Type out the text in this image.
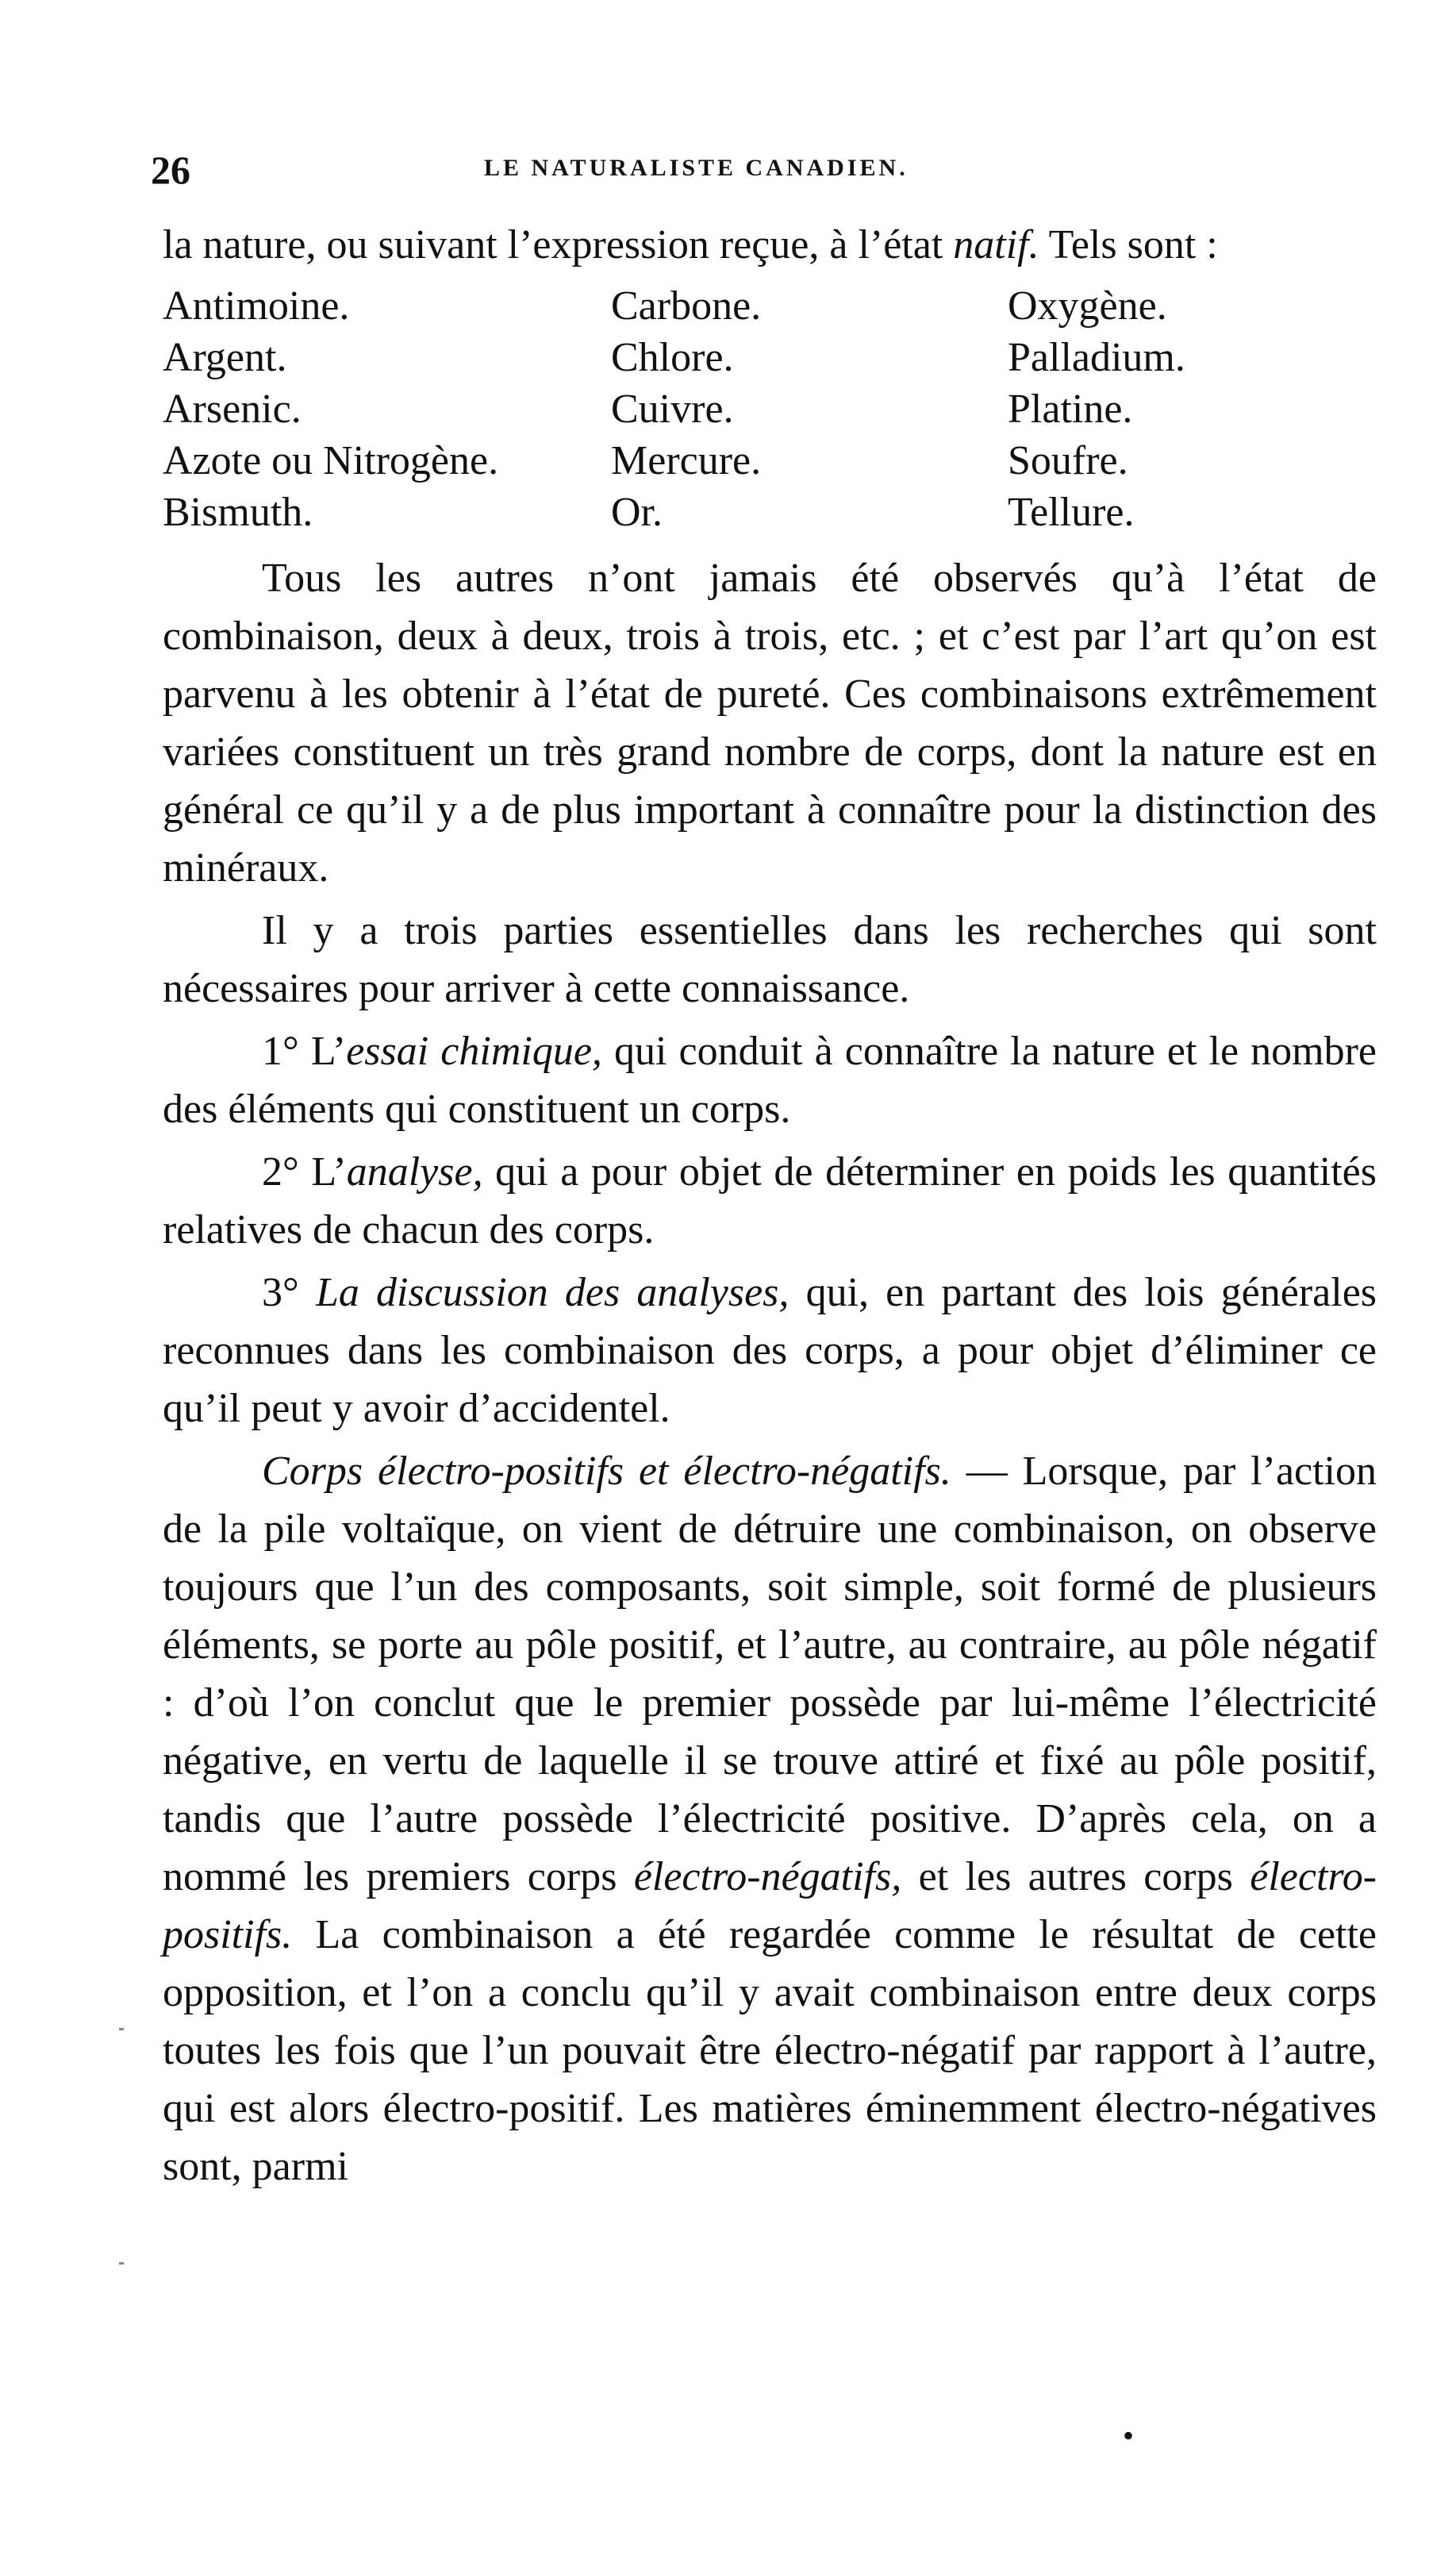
26	LE NATURALISTE CANADIEN.

la nature, ou suivant l’expression reçue, à l’état natif. Tels sont :

Antimoine.
Argent.
Arsenic.
Azote ou Nitrogène.
Bismuth.
Carbone.
Chlore.
Cuivre.
Mercure.
Or.
Oxygène.
Palladium.
Platine.
Soufre.
Tellure.

Tous les autres n’ont jamais été observés qu’à l’état de combinaison, deux à deux, trois à trois, etc. ; et c’est par l’art qu’on est parvenu à les obtenir à l’état de pureté. Ces combinaisons extrêmement variées constituent un très grand nombre de corps, dont la nature est en général ce qu’il y a de plus important à connaître pour la distinction des minéraux.

Il y a trois parties essentielles dans les recherches qui sont nécessaires pour arriver à cette connaissance.

1° L’essai chimique, qui conduit à connaître la nature et le nombre des éléments qui constituent un corps.

2° L’analyse, qui a pour objet de déterminer en poids les quantités relatives de chacun des corps.

3° La discussion des analyses, qui, en partant des lois générales reconnues dans les combinaison des corps, a pour objet d’éliminer ce qu’il peut y avoir d’accidentel.

Corps électro-positifs et électro-négatifs. — Lorsque, par l’action de la pile voltaïque, on vient de détruire une combinaison, on observe toujours que l’un des composants, soit simple, soit formé de plusieurs éléments, se porte au pôle positif, et l’autre, au contraire, au pôle négatif : d’où l’on conclut que le premier possède par lui-même l’électricité négative, en vertu de laquelle il se trouve attiré et fixé au pôle positif, tandis que l’autre possède l’électricité positive. D’après cela, on a nommé les premiers corps électro-négatifs, et les autres corps électro-positifs. La combinaison a été regardée comme le résultat de cette opposition, et l’on a conclu qu’il y avait combinaison entre deux corps toutes les fois que l’un pouvait être électro-négatif par rapport à l’autre, qui est alors électro-positif. Les matières éminemment électro-négatives sont, parmi

•
